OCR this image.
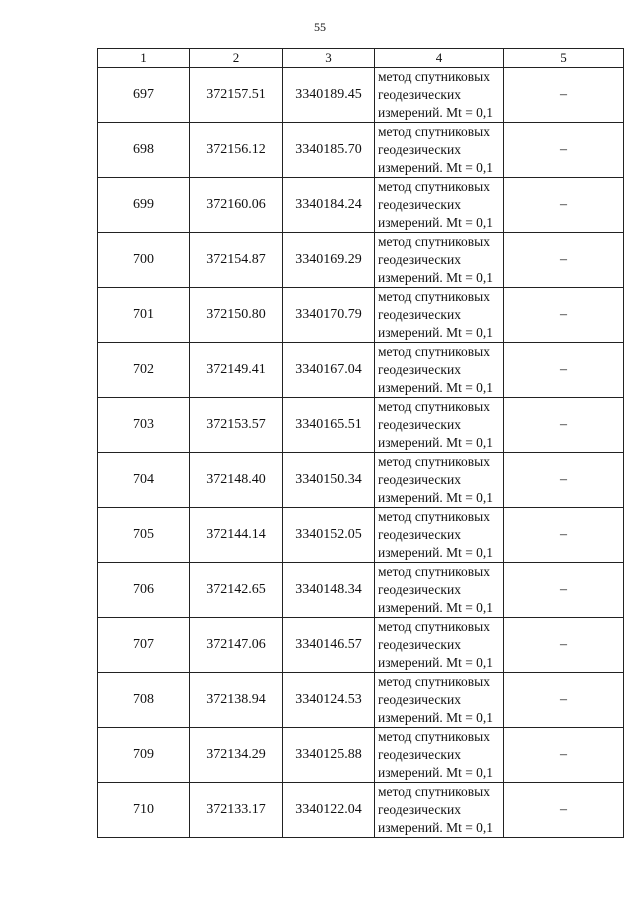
55
1	2	3	4	5
697	372157.51	3340189.45	метод спутниковых
геодезических
измерений. Mt = 0,1	–
698	372156.12	3340185.70	метод спутниковых
геодезических
измерений. Mt = 0,1	–
699	372160.06	3340184.24	метод спутниковых
геодезических
измерений. Mt = 0,1	–
700	372154.87	3340169.29	метод спутниковых
геодезических
измерений. Mt = 0,1	–
701	372150.80	3340170.79	метод спутниковых
геодезических
измерений. Mt = 0,1	–
702	372149.41	3340167.04	метод спутниковых
геодезических
измерений. Mt = 0,1	–
703	372153.57	3340165.51	метод спутниковых
геодезических
измерений. Mt = 0,1	–
704	372148.40	3340150.34	метод спутниковых
геодезических
измерений. Mt = 0,1	–
705	372144.14	3340152.05	метод спутниковых
геодезических
измерений. Mt = 0,1	–
706	372142.65	3340148.34	метод спутниковых
геодезических
измерений. Mt = 0,1	–
707	372147.06	3340146.57	метод спутниковых
геодезических
измерений. Mt = 0,1	–
708	372138.94	3340124.53	метод спутниковых
геодезических
измерений. Mt = 0,1	–
709	372134.29	3340125.88	метод спутниковых
геодезических
измерений. Mt = 0,1	–
710	372133.17	3340122.04	метод спутниковых
геодезических
измерений. Mt = 0,1	–
